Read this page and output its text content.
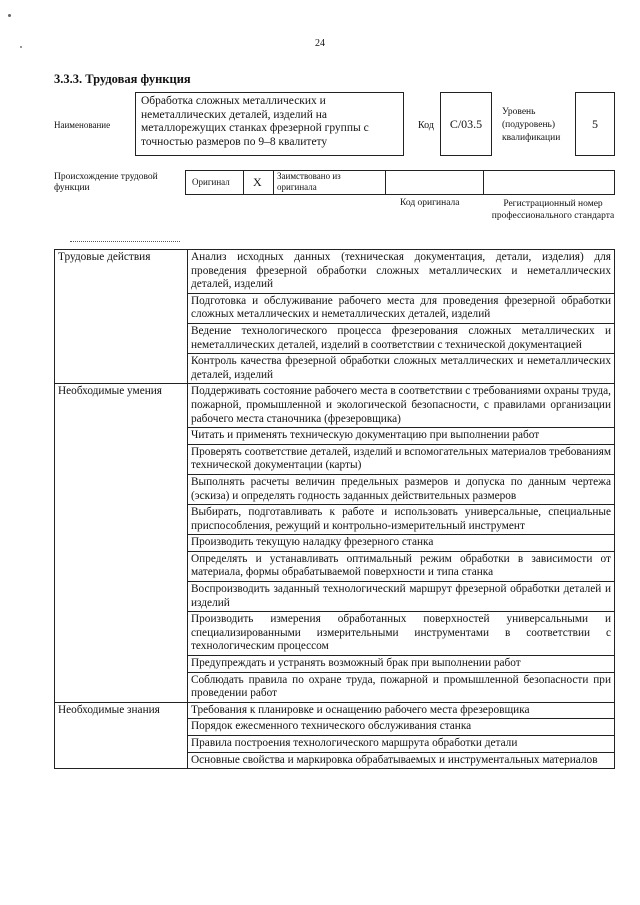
24
3.3.3. Трудовая функция
Наименование
Обработка сложных металлических и неметаллических деталей, изделий на металлорежущих станках фрезерной группы с точностью размеров по 9–8 квалитету
Код С/03.5
Уровень (подуровень) квалификации
5
Происхождение трудовой функции
Оригинал X Заимствовано из оригинала
Код оригинала	Регистрационный номер профессионального стандарта
Трудовые действия	Анализ исходных данных (техническая документация, детали, изделия) для проведения фрезерной обработки сложных металлических и неметаллических деталей, изделий
	Подготовка и обслуживание рабочего места для проведения фрезерной обработки сложных металлических и неметаллических деталей, изделий
	Ведение технологического процесса фрезерования сложных металлических и неметаллических деталей, изделий в соответствии с технической документацией
	Контроль качества фрезерной обработки сложных металлических и неметаллических деталей, изделий
Необходимые умения	Поддерживать состояние рабочего места в соответствии с требованиями охраны труда, пожарной, промышленной и экологической безопасности, с правилами организации рабочего места станочника (фрезеровщика)
	Читать и применять техническую документацию при выполнении работ
	Проверять соответствие деталей, изделий и вспомогательных материалов требованиям технической документации (карты)
	Выполнять расчеты величин предельных размеров и допуска по данным чертежа (эскиза) и определять годность заданных действительных размеров
	Выбирать, подготавливать к работе и использовать универсальные, специальные приспособления, режущий и контрольно-измерительный инструмент
	Производить текущую наладку фрезерного станка
	Определять и устанавливать оптимальный режим обработки в зависимости от материала, формы обрабатываемой поверхности и типа станка
	Воспроизводить заданный технологический маршрут фрезерной обработки деталей и изделий
	Производить измерения обработанных поверхностей универсальными и специализированными измерительными инструментами в соответствии с технологическим процессом
	Предупреждать и устранять возможный брак при выполнении работ
	Соблюдать правила по охране труда, пожарной и промышленной безопасности при проведении работ
Необходимые знания	Требования к планировке и оснащению рабочего места фрезеровщика
	Порядок ежесменного технического обслуживания станка
	Правила построения технологического маршрута обработки детали
	Основные свойства и маркировка обрабатываемых и инструментальных материалов
